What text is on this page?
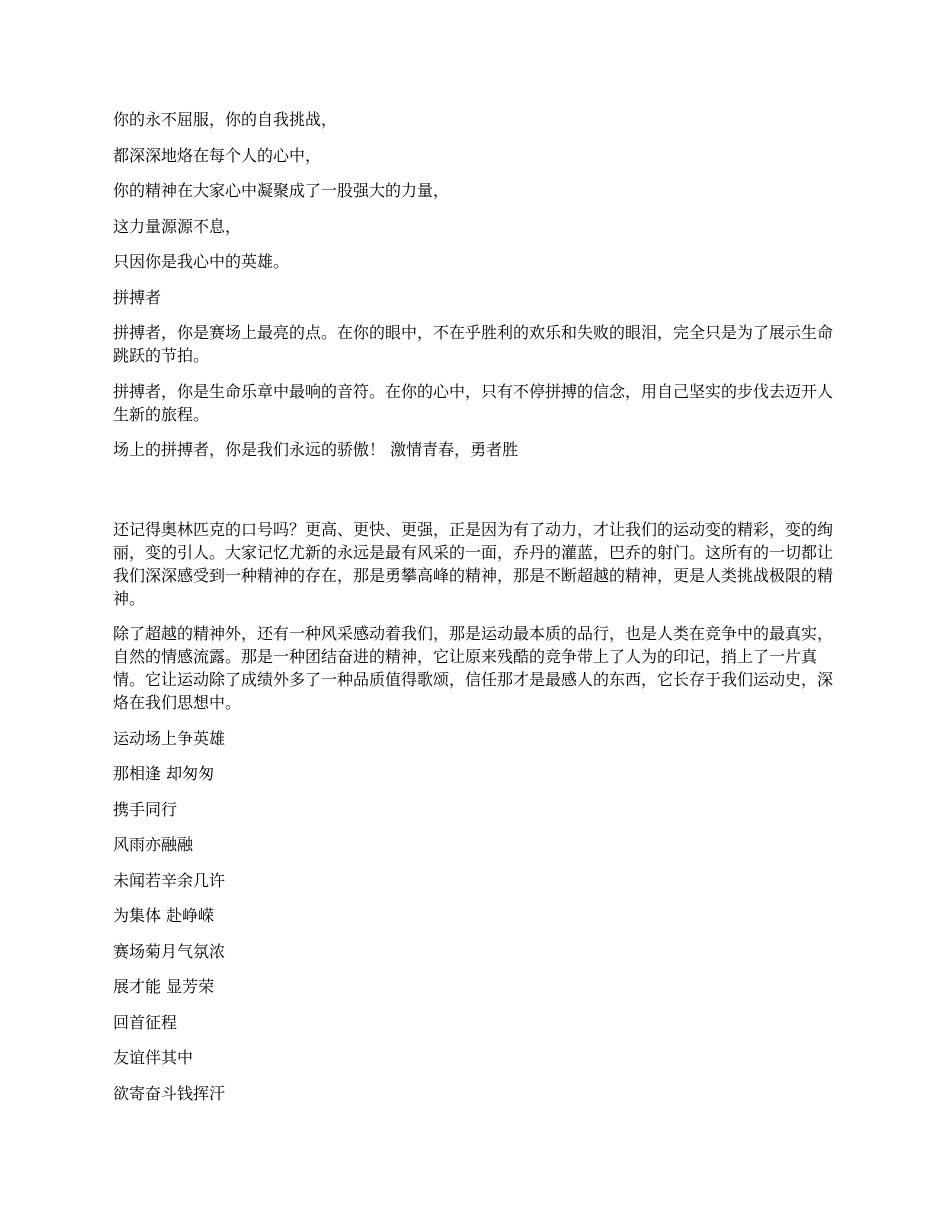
你的永不屈服，你的自我挑战，

都深深地烙在每个人的心中，

你的精神在大家心中凝聚成了一股强大的力量，

这力量源源不息，

只因你是我心中的英雄。

拼搏者

拼搏者，你是赛场上最亮的点。在你的眼中，不在乎胜利的欢乐和失败的眼泪，完全只是为了展示生命跳跃的节拍。

拼搏者，你是生命乐章中最响的音符。在你的心中，只有不停拼搏的信念，用自己坚实的步伐去迈开人生新的旅程。

场上的拼搏者，你是我们永远的骄傲！ 激情青春，勇者胜

还记得奥林匹克的口号吗？更高、更快、更强，正是因为有了动力，才让我们的运动变的精彩，变的绚丽，变的引人。大家记忆尤新的永远是最有风采的一面，乔丹的灌蓝，巴乔的射门。这所有的一切都让我们深深感受到一种精神的存在，那是勇攀高峰的精神，那是不断超越的精神，更是人类挑战极限的精神。

除了超越的精神外，还有一种风采感动着我们，那是运动最本质的品行，也是人类在竞争中的最真实，自然的情感流露。那是一种团结奋进的精神，它让原来残酷的竞争带上了人为的印记，捎上了一片真情。它让运动除了成绩外多了一种品质值得歌颂，信任那才是最感人的东西，它长存于我们运动史，深烙在我们思想中。

运动场上争英雄

那相逢 却匆匆

携手同行

风雨亦融融

未闻若辛余几许

为集体 赴峥嵘

赛场菊月气氛浓

展才能 显芳荣

回首征程

友谊伴其中

欲寄奋斗钱挥汗
